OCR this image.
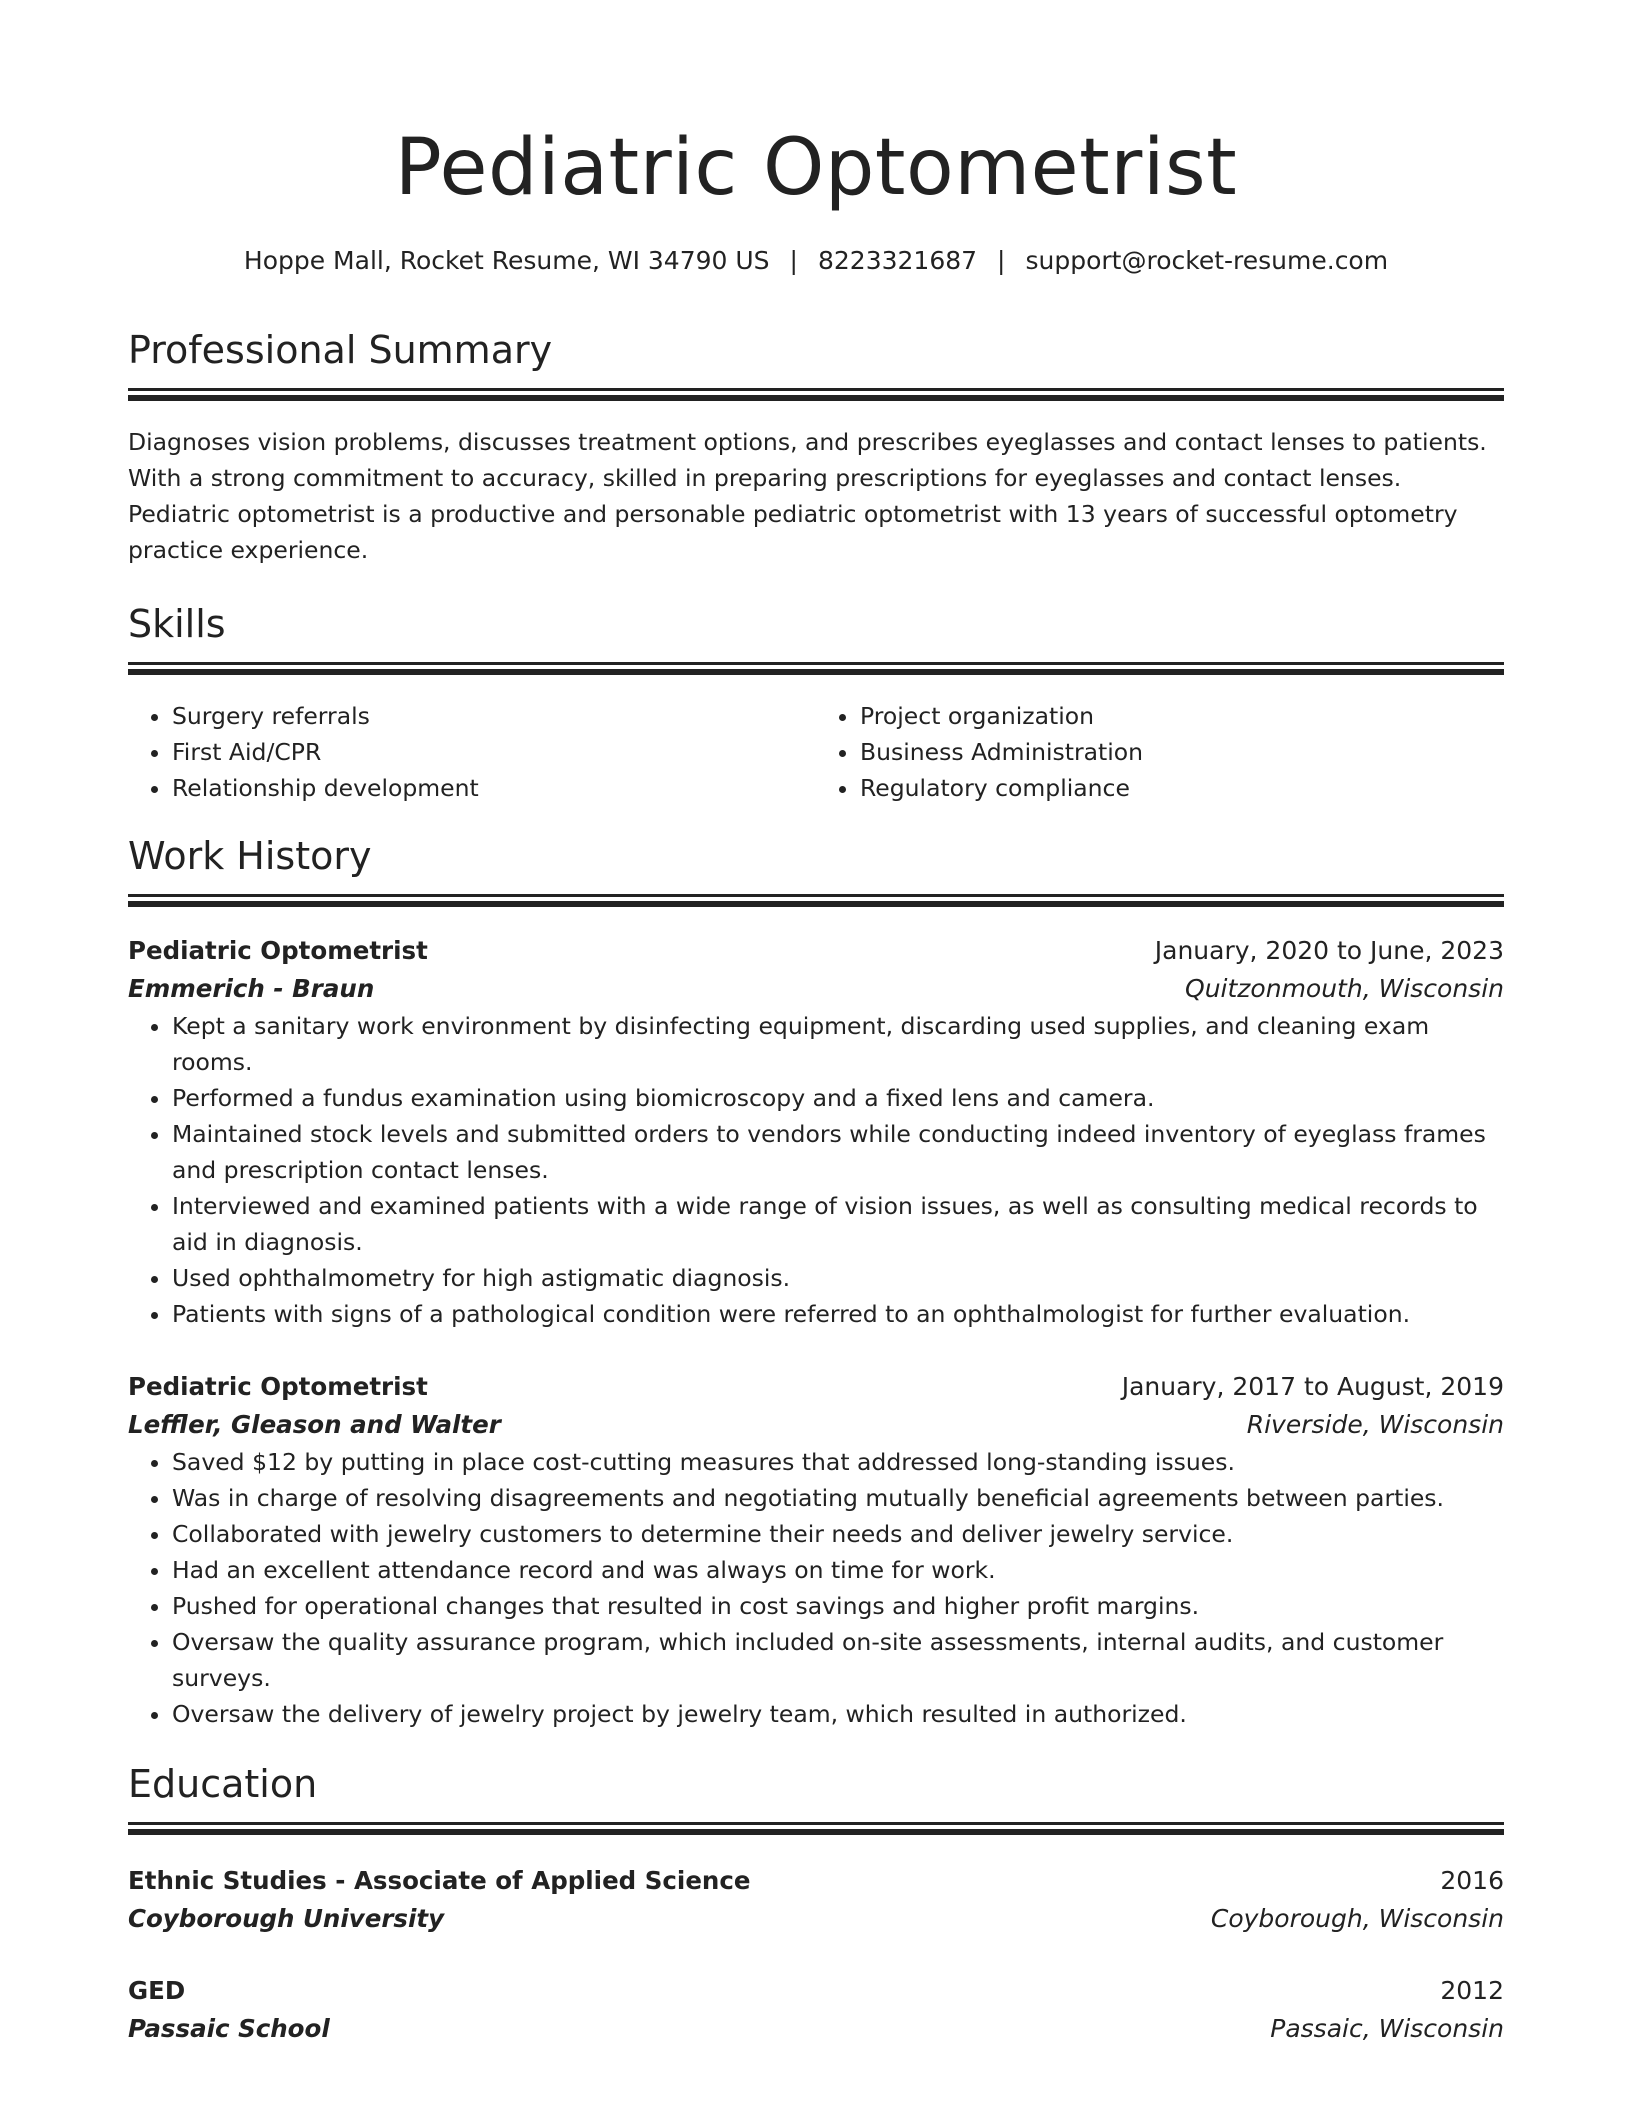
Pediatric Optometrist
Hoppe Mall, Rocket Resume, WI 34790 US | 8223321687 | support@rocket-resume.com
Professional Summary

Diagnoses vision problems, discusses treatment options, and prescribes eyeglasses and contact lenses to patients. With a strong commitment to accuracy, skilled in preparing prescriptions for eyeglasses and contact lenses. Pediatric optometrist is a productive and personable pediatric optometrist with 13 years of successful optometry practice experience.

Skills
• Surgery referrals
• First Aid/CPR
• Relationship development
• Project organization
• Business Administration
• Regulatory compliance
Work History
Pediatric Optometrist	January, 2020 to June, 2023
Emmerich - Braun	Quitzonmouth, Wisconsin
• Kept a sanitary work environment by disinfecting equipment, discarding used supplies, and cleaning exam rooms.
• Performed a fundus examination using biomicroscopy and a fixed lens and camera.
• Maintained stock levels and submitted orders to vendors while conducting indeed inventory of eyeglass frames and prescription contact lenses.
• Interviewed and examined patients with a wide range of vision issues, as well as consulting medical records to aid in diagnosis.
• Used ophthalmometry for high astigmatic diagnosis.
• Patients with signs of a pathological condition were referred to an ophthalmologist for further evaluation.
Pediatric Optometrist	January, 2017 to August, 2019
Leffler, Gleason and Walter	Riverside, Wisconsin
• Saved $12 by putting in place cost-cutting measures that addressed long-standing issues.
• Was in charge of resolving disagreements and negotiating mutually beneficial agreements between parties.
• Collaborated with jewelry customers to determine their needs and deliver jewelry service.
• Had an excellent attendance record and was always on time for work.
• Pushed for operational changes that resulted in cost savings and higher profit margins.
• Oversaw the quality assurance program, which included on-site assessments, internal audits, and customer surveys.
• Oversaw the delivery of jewelry project by jewelry team, which resulted in authorized.
Education
Ethnic Studies - Associate of Applied Science	2016
Coyborough University	Coyborough, Wisconsin
GED	2012
Passaic School	Passaic, Wisconsin
